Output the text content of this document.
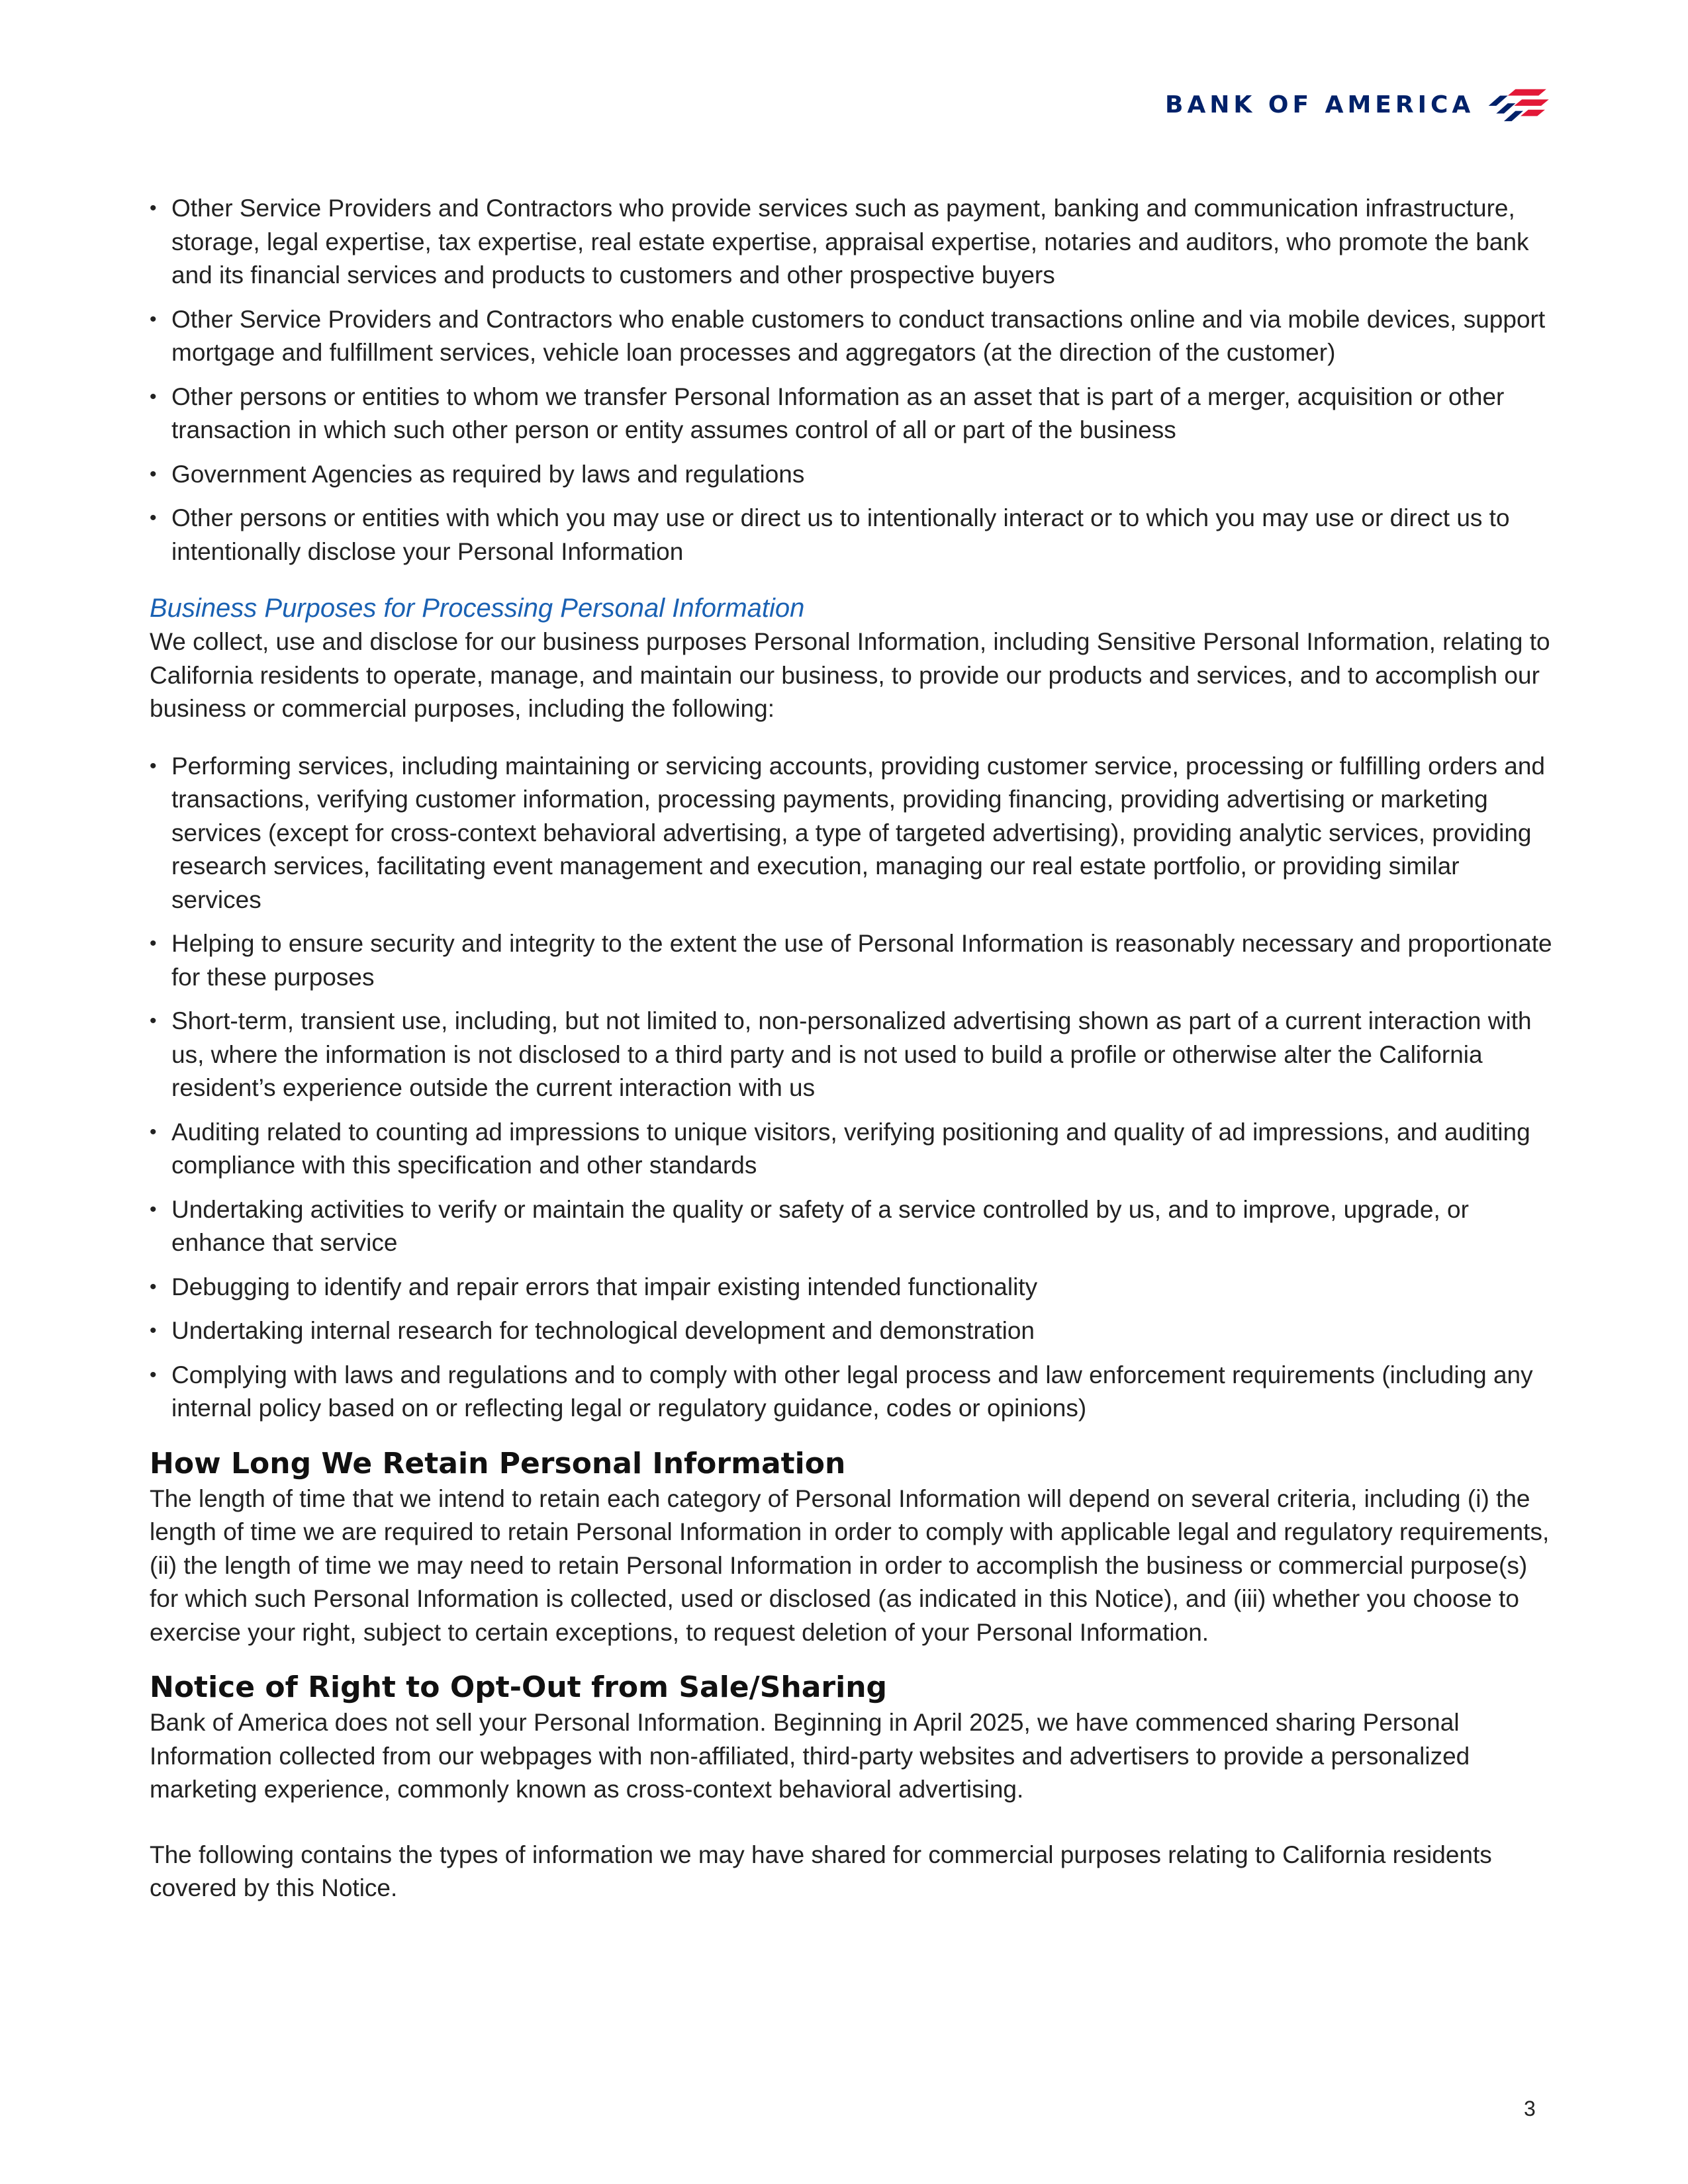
BANK OF AMERICA
• Other Service Providers and Contractors who provide services such as payment, banking and communication infrastructure, storage, legal expertise, tax expertise, real estate expertise, appraisal expertise, notaries and auditors, who promote the bank and its financial services and products to customers and other prospective buyers
• Other Service Providers and Contractors who enable customers to conduct transactions online and via mobile devices, support mortgage and fulfillment services, vehicle loan processes and aggregators (at the direction of the customer)
• Other persons or entities to whom we transfer Personal Information as an asset that is part of a merger, acquisition or other transaction in which such other person or entity assumes control of all or part of the business
• Government Agencies as required by laws and regulations
• Other persons or entities with which you may use or direct us to intentionally interact or to which you may use or direct us to intentionally disclose your Personal Information
Business Purposes for Processing Personal Information

We collect, use and disclose for our business purposes Personal Information, including Sensitive Personal Information, relating to California residents to operate, manage, and maintain our business, to provide our products and services, and to accomplish our business or commercial purposes, including the following:

• Performing services, including maintaining or servicing accounts, providing customer service, processing or fulfilling orders and transactions, verifying customer information, processing payments, providing financing, providing advertising or marketing services (except for cross-context behavioral advertising, a type of targeted advertising), providing analytic services, providing research services, facilitating event management and execution, managing our real estate portfolio, or providing similar services
• Helping to ensure security and integrity to the extent the use of Personal Information is reasonably necessary and proportionate for these purposes
• Short-term, transient use, including, but not limited to, non-personalized advertising shown as part of a current interaction with us, where the information is not disclosed to a third party and is not used to build a profile or otherwise alter the California resident’s experience outside the current interaction with us
• Auditing related to counting ad impressions to unique visitors, verifying positioning and quality of ad impressions, and auditing compliance with this specification and other standards
• Undertaking activities to verify or maintain the quality or safety of a service controlled by us, and to improve, upgrade, or enhance that service
• Debugging to identify and repair errors that impair existing intended functionality
• Undertaking internal research for technological development and demonstration
• Complying with laws and regulations and to comply with other legal process and law enforcement requirements (including any internal policy based on or reflecting legal or regulatory guidance, codes or opinions)
How Long We Retain Personal Information

The length of time that we intend to retain each category of Personal Information will depend on several criteria, including (i) the length of time we are required to retain Personal Information in order to comply with applicable legal and regulatory requirements, (ii) the length of time we may need to retain Personal Information in order to accomplish the business or commercial purpose(s) for which such Personal Information is collected, used or disclosed (as indicated in this Notice), and (iii) whether you choose to exercise your right, subject to certain exceptions, to request deletion of your Personal Information.

Notice of Right to Opt-Out from Sale/Sharing

Bank of America does not sell your Personal Information. Beginning in April 2025, we have commenced sharing Personal Information collected from our webpages with non-affiliated, third-party websites and advertisers to provide a personalized marketing experience, commonly known as cross-context behavioral advertising.

The following contains the types of information we may have shared for commercial purposes relating to California residents covered by this Notice.

3
